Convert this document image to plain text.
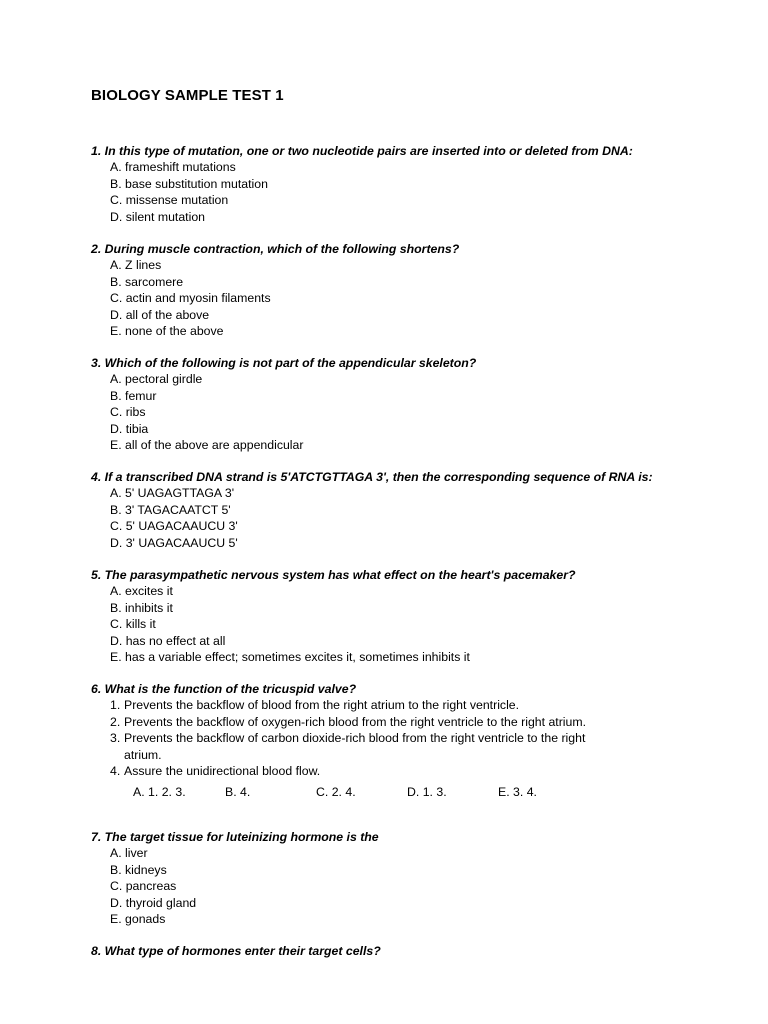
BIOLOGY SAMPLE TEST 1
1. In this type of mutation, one or two nucleotide pairs are inserted into or deleted from DNA:
A. frameshift mutations
B. base substitution mutation
C. missense mutation
D. silent mutation
2. During muscle contraction, which of the following shortens?
A. Z lines
B. sarcomere
C. actin and myosin filaments
D. all of the above
E. none of the above
3. Which of the following is not part of the appendicular skeleton?
A. pectoral girdle
B. femur
C. ribs
D. tibia
E. all of the above are appendicular
4. If a transcribed DNA strand is 5'ATCTGTTAGA 3', then the corresponding sequence of RNA is:
A. 5' UAGAGTTAGA 3'
B. 3' TAGACAATCT 5'
C. 5' UAGACAAUCU 3'
D. 3' UAGACAAUCU 5'
5. The parasympathetic nervous system has what effect on the heart's pacemaker?
A. excites it
B. inhibits it
C. kills it
D. has no effect at all
E. has a variable effect; sometimes excites it, sometimes inhibits it
6. What is the function of the tricuspid valve?
1. Prevents the backflow of blood from the right atrium to the right ventricle.
2. Prevents the backflow of oxygen-rich blood from the right ventricle to the right atrium.
3. Prevents the backflow of carbon dioxide-rich blood from the right ventricle to the right
atrium.
4. Assure the unidirectional blood flow.
A. 1. 2. 3.	B. 4.	C. 2. 4.	D. 1. 3.	E. 3. 4.
7. The target tissue for luteinizing hormone is the
A. liver
B. kidneys
C. pancreas
D. thyroid gland
E. gonads
8. What type of hormones enter their target cells?
